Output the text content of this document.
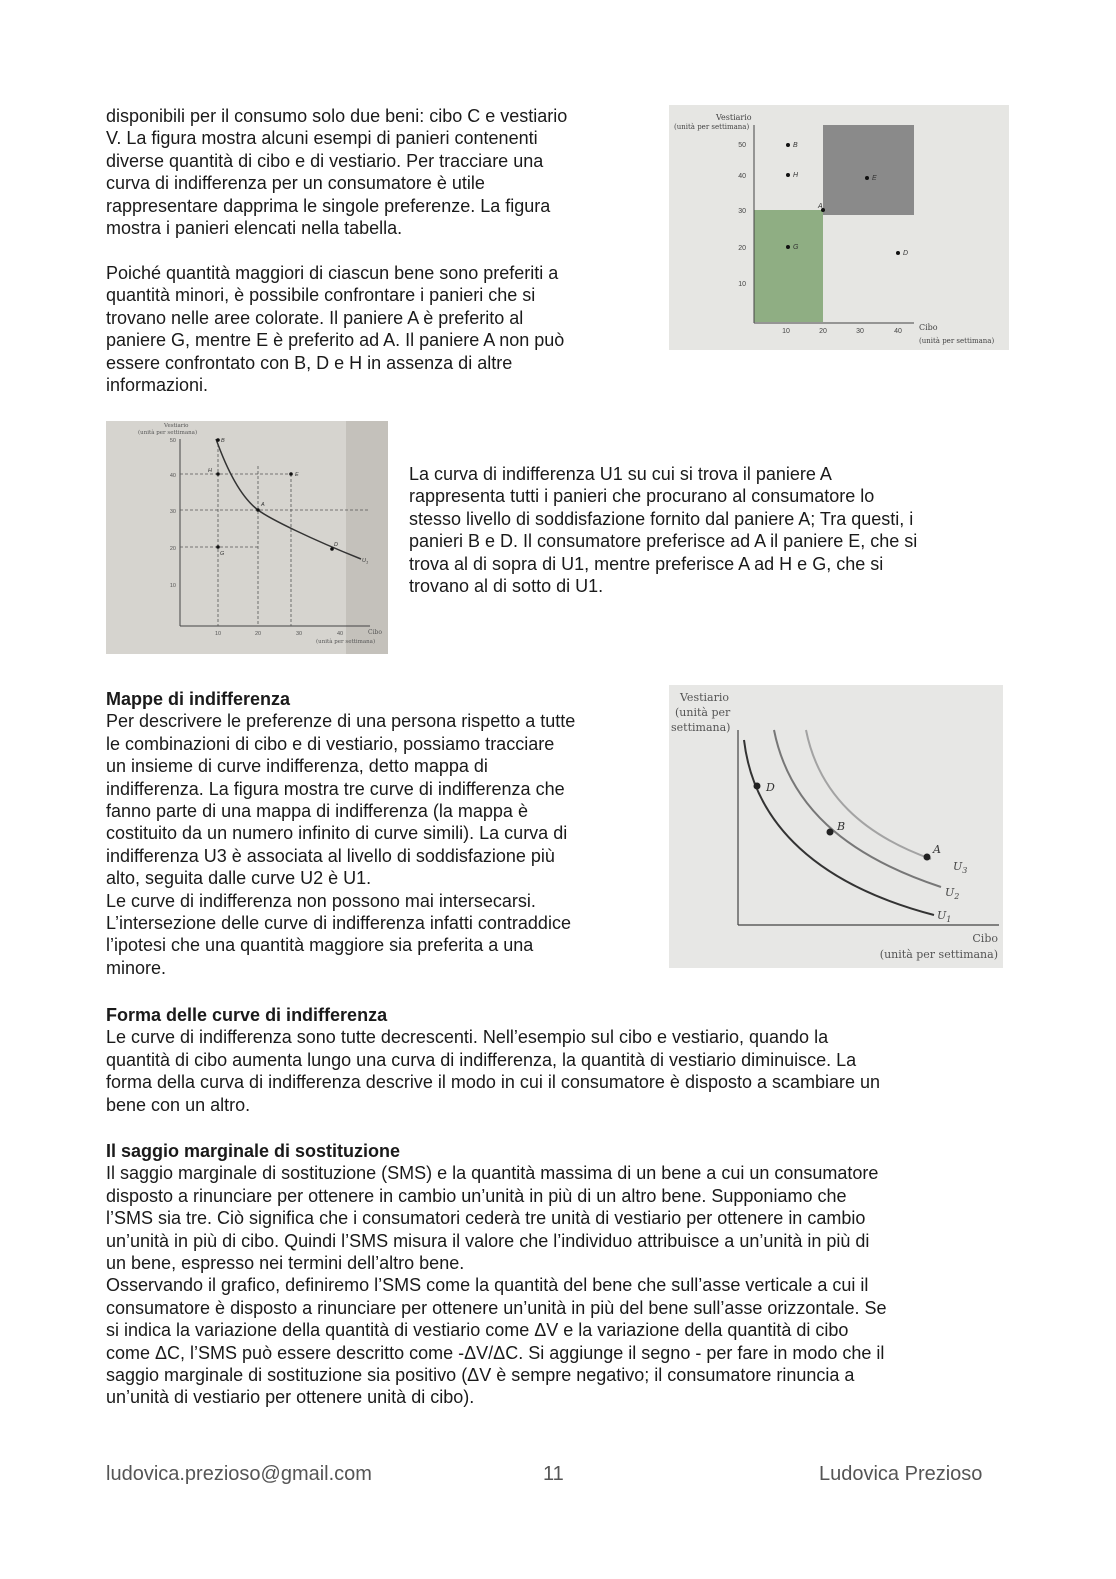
disponibili per il consumo solo due beni: cibo C e vestiario

V. La figura mostra alcuni esempi di panieri contenenti

diverse quantità di cibo e di vestiario. Per tracciare una

curva di indifferenza per un consumatore è utile

rappresentare dapprima le singole preferenze. La figura

mostra i panieri elencati nella tabella.

Poiché quantità maggiori di ciascun bene sono preferiti a

quantità minori, è possibile confrontare i panieri che si

trovano nelle aree colorate. Il paniere A è preferito al

paniere G, mentre E è preferito ad A. Il paniere A non può

essere confrontato con B, D e H in assenza di altre

informazioni.

Vestiario
(unità per settimana)
Cibo
(unità per settimana)
50
40
30
20
10
10	20	30	40
B
H
A
E
G
D
Vestiario
(unità per settimana)
Cibo
(unità per settimana)
50
40
30
20
10
10	20	30	40
B
H
E
A
G
D
$U_1$

La curva di indifferenza U1 su cui si trova il paniere A

rappresenta tutti i panieri che procurano al consumatore lo

stesso livello di soddisfazione fornito dal paniere A; Tra questi, i

panieri B e D. Il consumatore preferisce ad A il paniere E, che si

trova al di sopra di U1, mentre preferisce A ad H e G, che si

trovano al di sotto di U1.

Mappe di indifferenza

Per descrivere le preferenze di una persona rispetto a tutte

le combinazioni di cibo e di vestiario, possiamo tracciare

un insieme di curve indifferenza, detto mappa di

indifferenza. La figura mostra tre curve di indifferenza che

fanno parte di una mappa di indifferenza (la mappa è

costituito da un numero infinito di curve simili). La curva di

indifferenza U3 è associata al livello di soddisfazione più

alto, seguita dalle curve U2 è U1.

Le curve di indifferenza non possono mai intersecarsi.

L’intersezione delle curve di indifferenza infatti contraddice

l’ipotesi che una quantità maggiore sia preferita a una

minore.

Vestiario
(unità per
settimana)
Cibo
(unità per settimana)
D
B
A
$U_3$
$U_2$
$U_1$

Forma delle curve di indifferenza

Le curve di indifferenza sono tutte decrescenti. Nell’esempio sul cibo e vestiario, quando la

quantità di cibo aumenta lungo una curva di indifferenza, la quantità di vestiario diminuisce. La

forma della curva di indifferenza descrive il modo in cui il consumatore è disposto a scambiare un

bene con un altro.

Il saggio marginale di sostituzione

Il saggio marginale di sostituzione (SMS) e la quantità massima di un bene a cui un consumatore

disposto a rinunciare per ottenere in cambio un’unità in più di un altro bene. Supponiamo che

l’SMS sia tre. Ciò significa che i consumatori cederà tre unità di vestiario per ottenere in cambio

un’unità in più di cibo. Quindi l’SMS misura il valore che l’individuo attribuisce a un’unità in più di

un bene, espresso nei termini dell’altro bene.

Osservando il grafico, definiremo l’SMS come la quantità del bene che sull’asse verticale a cui il

consumatore è disposto a rinunciare per ottenere un’unità in più del bene sull’asse orizzontale. Se

si indica la variazione della quantità di vestiario come ΔV e la variazione della quantità di cibo

come ΔC, l’SMS può essere descritto come -ΔV/ΔC. Si aggiunge il segno - per fare in modo che il

saggio marginale di sostituzione sia positivo (ΔV è sempre negativo; il consumatore rinuncia a

un’unità di vestiario per ottenere unità di cibo).

ludovica.prezioso@gmail.com	11	Ludovica Prezioso
